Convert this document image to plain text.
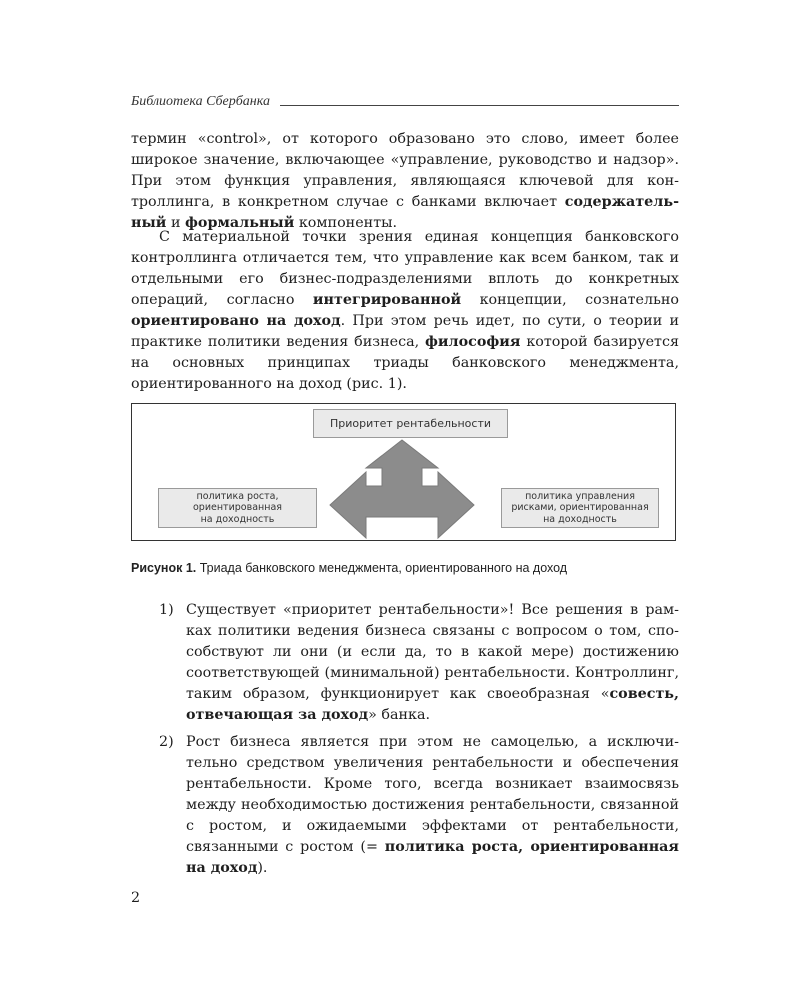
Библиотека Сбербанка

термин «control», от которого образовано это слово, имеет более широкое значение, включающее «управление, руководство и надзор». При этом функция управления, являющаяся ключевой для контроллинга, в конкретном случае с банками включает содержательный и формальный компоненты.

С материальной точки зрения единая концепция банковского контроллинга отличается тем, что управление как всем банком, так и отдельными его бизнес-подразделениями вплоть до конкретных операций, согласно интегрированной концепции, сознательно ориентировано на доход. При этом речь идет, по сути, о теории и практике политики ведения бизнеса, философия которой базируется на основных принципах триады банковского менеджмента, ориентированного на доход (рис. 1).

Приоритет рентабельности
политика роста,
ориентированная
на доходность
политика управления
рисками, ориентированная
на доходность
Рисунок 1. Триада банковского менеджмента, ориентированного на доход
1) Существует «приоритет рентабельности»! Все решения в рамках политики ведения бизнеса связаны с вопросом о том, способствуют ли они (и если да, то в какой мере) достижению соответствующей (минимальной) рентабельности. Контроллинг, таким образом, функционирует как своеобразная «совесть, отвечающая за доход» банка.
2) Рост бизнеса является при этом не самоцелью, а исключительно средством увеличения рентабельности и обеспечения рентабельности. Кроме того, всегда возникает взаимосвязь между необходимостью достижения рентабельности, связанной с ростом, и ожидаемыми эффектами от рентабельности, связанными с ростом (= политика роста, ориентированная на доход).
2
